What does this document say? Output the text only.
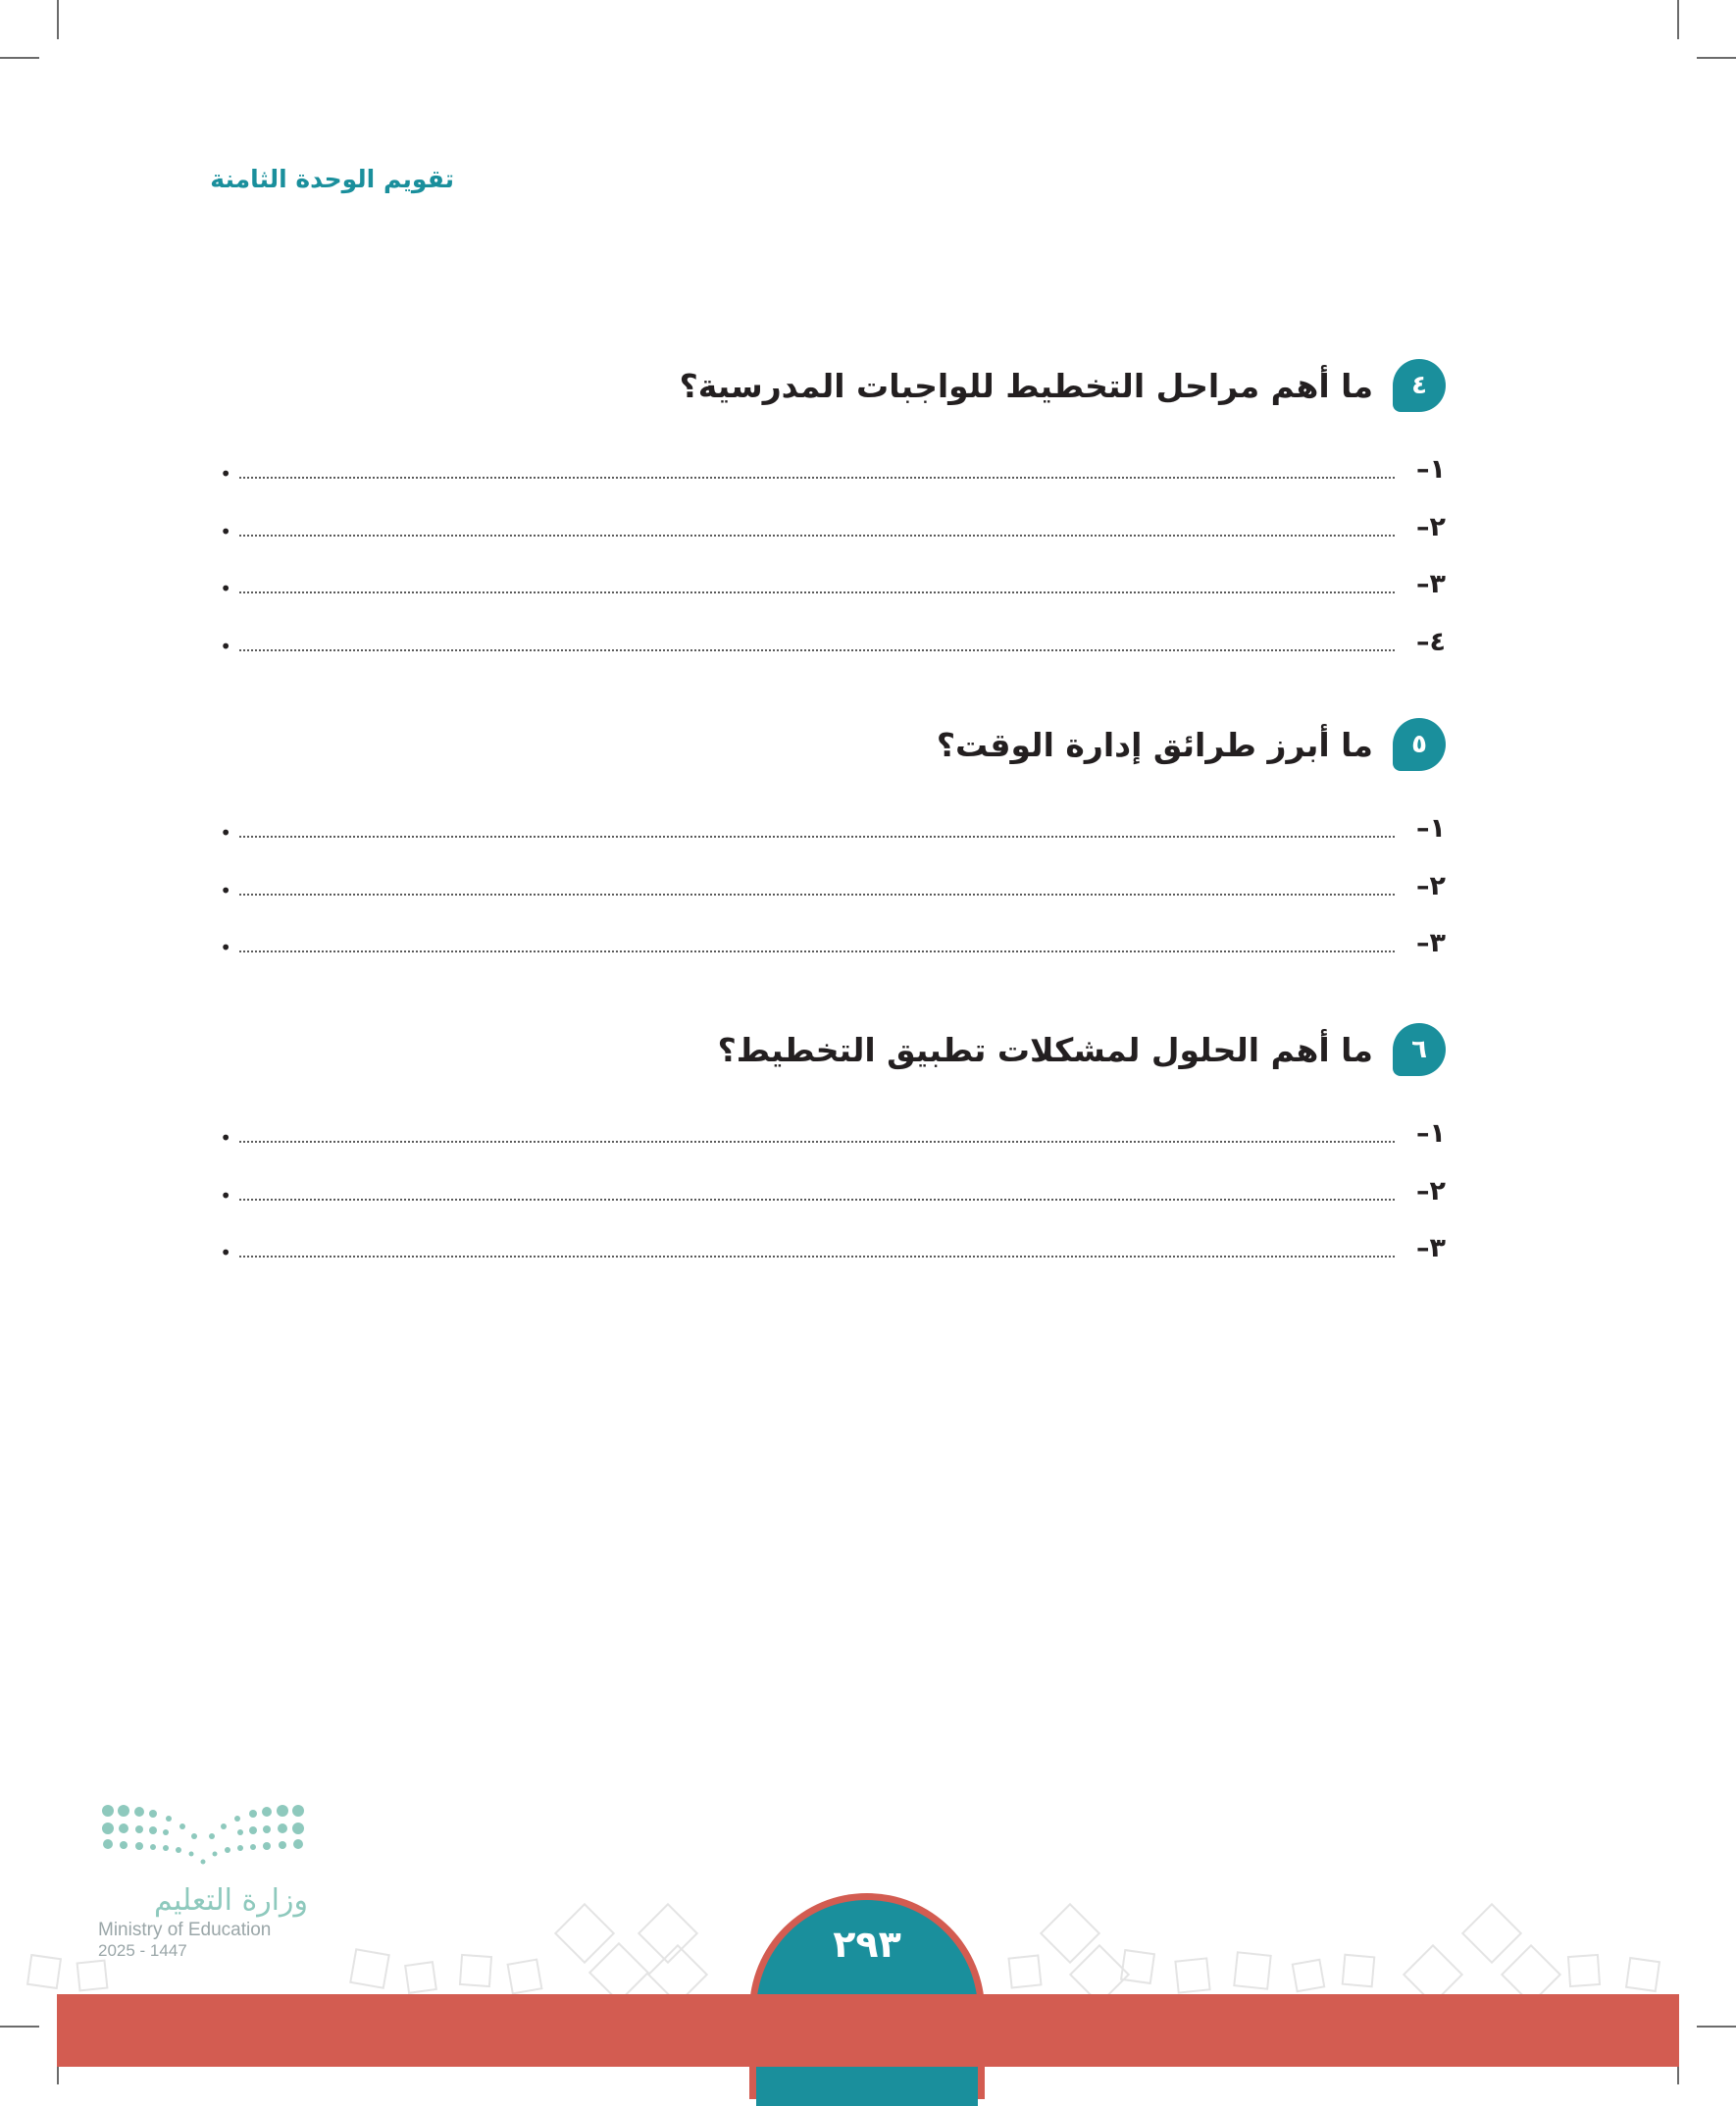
تقويم الوحدة الثامنة
٤
ما أهم مراحل التخطيط للواجبات المدرسية؟
١–
•
٢–
•
٣–
•
٤–
•
٥
ما أبرز طرائق إدارة الوقت؟
١–
•
٢–
•
٣–
•
٦
ما أهم الحلول لمشكلات تطبيق التخطيط؟
١–
•
٢–
•
٣–
•
وزارة التعليم
Ministry of Education
2025 - 1447	٢٩٣
